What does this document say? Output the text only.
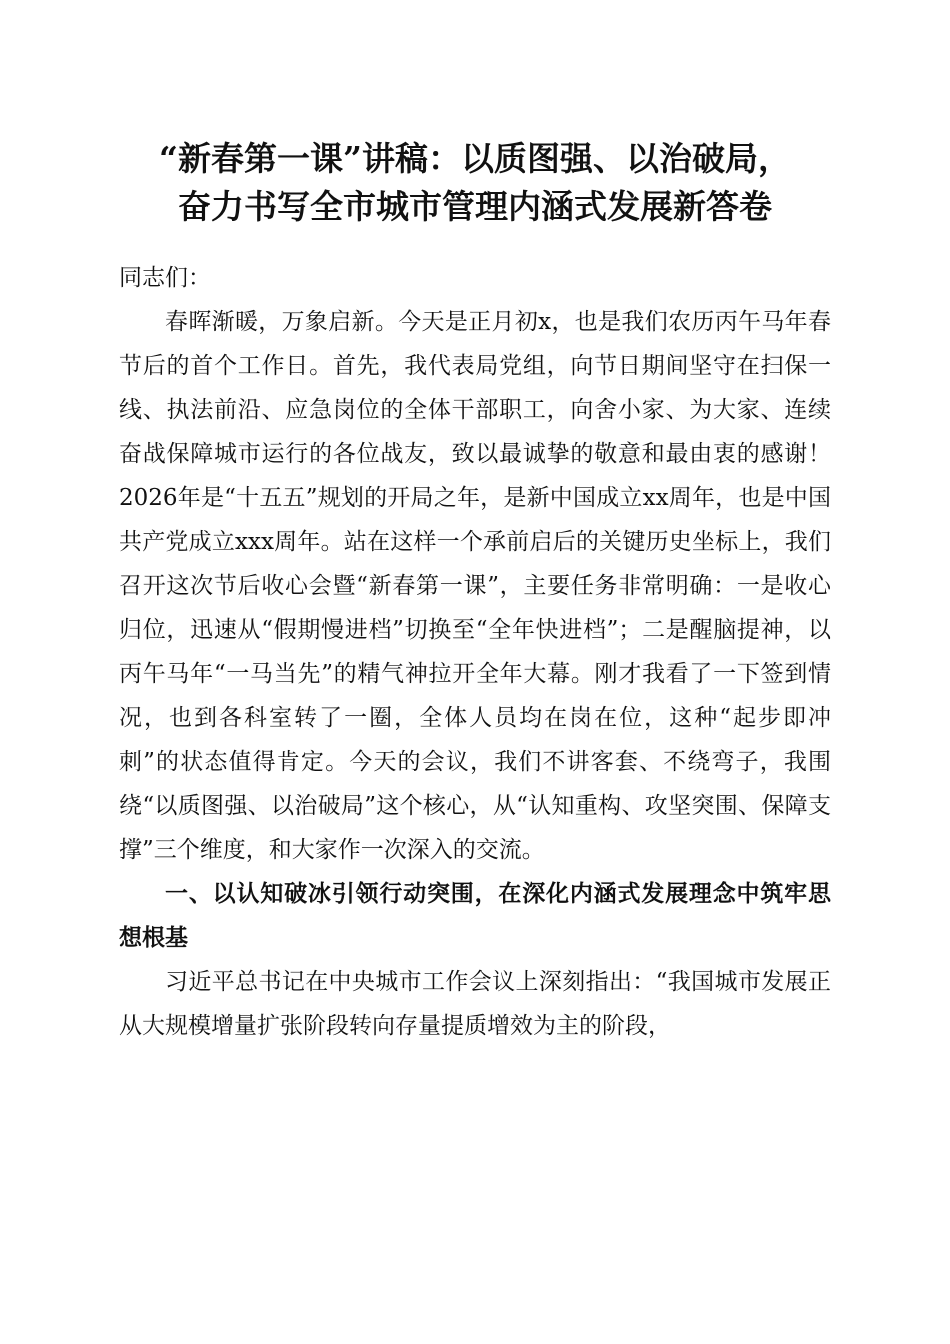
“新春第一课”讲稿：以质图强、以治破局，
奋力书写全市城市管理内涵式发展新答卷

同志们：

春晖渐暖，万象启新。今天是正月初x，也是我们农历丙午马年春节后的首个工作日。首先，我代表局党组，向节日期间坚守在扫保一线、执法前沿、应急岗位的全体干部职工，向舍小家、为大家、连续奋战保障城市运行的各位战友，致以最诚挚的敬意和最由衷的感谢！2026年是“十五五”规划的开局之年，是新中国成立xx周年，也是中国共产党成立xxx周年。站在这样一个承前启后的关键历史坐标上，我们召开这次节后收心会暨“新春第一课”，主要任务非常明确：一是收心归位，迅速从“假期慢进档”切换至“全年快进档”；二是醒脑提神，以丙午马年“一马当先”的精气神拉开全年大幕。刚才我看了一下签到情况，也到各科室转了一圈，全体人员均在岗在位，这种“起步即冲刺”的状态值得肯定。今天的会议，我们不讲客套、不绕弯子，我围绕“以质图强、以治破局”这个核心，从“认知重构、攻坚突围、保障支撑”三个维度，和大家作一次深入的交流。

一、以认知破冰引领行动突围，在深化内涵式发展理念中筑牢思想根基

习近平总书记在中央城市工作会议上深刻指出：“我国城市发展正从大规模增量扩张阶段转向存量提质增效为主的阶段，
